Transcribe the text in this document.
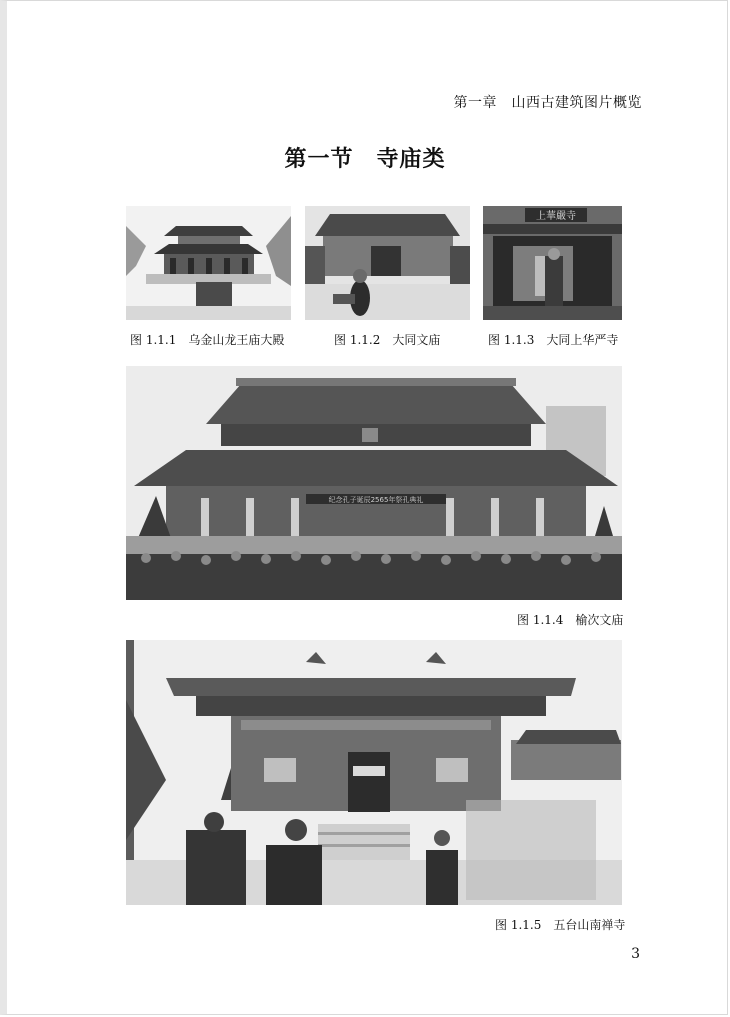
第一章　山西古建筑图片概览
第一节　寺庙类
图 1.1.1　乌金山龙王庙大殿	图 1.1.2　大同文庙
上華嚴寺
图 1.1.3　大同上华严寺
纪念孔子诞辰2565年祭孔典礼
图 1.1.4　榆次文庙
图 1.1.5　五台山南禅寺
3
